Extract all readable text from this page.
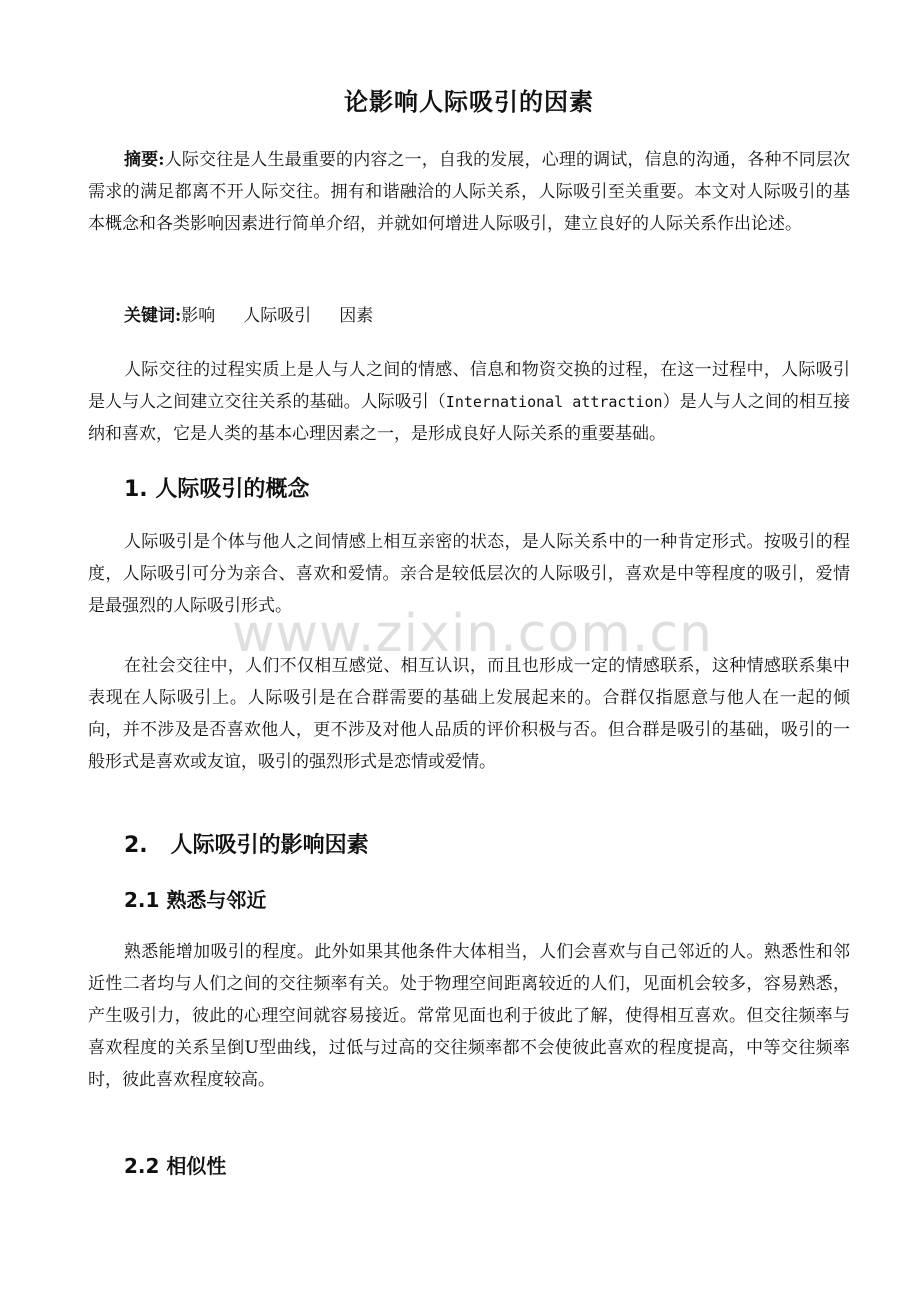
论影响人际吸引的因素

摘要:人际交往是人生最重要的内容之一，自我的发展，心理的调试，信息的沟通，各种不同层次需求的满足都离不开人际交往。拥有和谐融洽的人际关系，人际吸引至关重要。本文对人际吸引的基本概念和各类影响因素进行简单介绍，并就如何增进人际吸引，建立良好的人际关系作出论述。

关键词:影响 人际吸引 因素

人际交往的过程实质上是人与人之间的情感、信息和物资交换的过程，在这一过程中，人际吸引是人与人之间建立交往关系的基础。人际吸引（International attraction）是人与人之间的相互接纳和喜欢，它是人类的基本心理因素之一，是形成良好人际关系的重要基础。

1. 人际吸引的概念

人际吸引是个体与他人之间情感上相互亲密的状态，是人际关系中的一种肯定形式。按吸引的程度，人际吸引可分为亲合、喜欢和爱情。亲合是较低层次的人际吸引，喜欢是中等程度的吸引，爱情是最强烈的人际吸引形式。

在社会交往中，人们不仅相互感觉、相互认识，而且也形成一定的情感联系，这种情感联系集中表现在人际吸引上。人际吸引是在合群需要的基础上发展起来的。合群仅指愿意与他人在一起的倾向，并不涉及是否喜欢他人，更不涉及对他人品质的评价积极与否。但合群是吸引的基础，吸引的一般形式是喜欢或友谊，吸引的强烈形式是恋情或爱情。

2.   人际吸引的影响因素
2.1 熟悉与邻近

熟悉能增加吸引的程度。此外如果其他条件大体相当，人们会喜欢与自己邻近的人。熟悉性和邻近性二者均与人们之间的交往频率有关。处于物理空间距离较近的人们，见面机会较多，容易熟悉，产生吸引力，彼此的心理空间就容易接近。常常见面也利于彼此了解，使得相互喜欢。但交往频率与喜欢程度的关系呈倒U型曲线，过低与过高的交往频率都不会使彼此喜欢的程度提高，中等交往频率时，彼此喜欢程度较高。

2.2 相似性
www.zixin.com.cn
